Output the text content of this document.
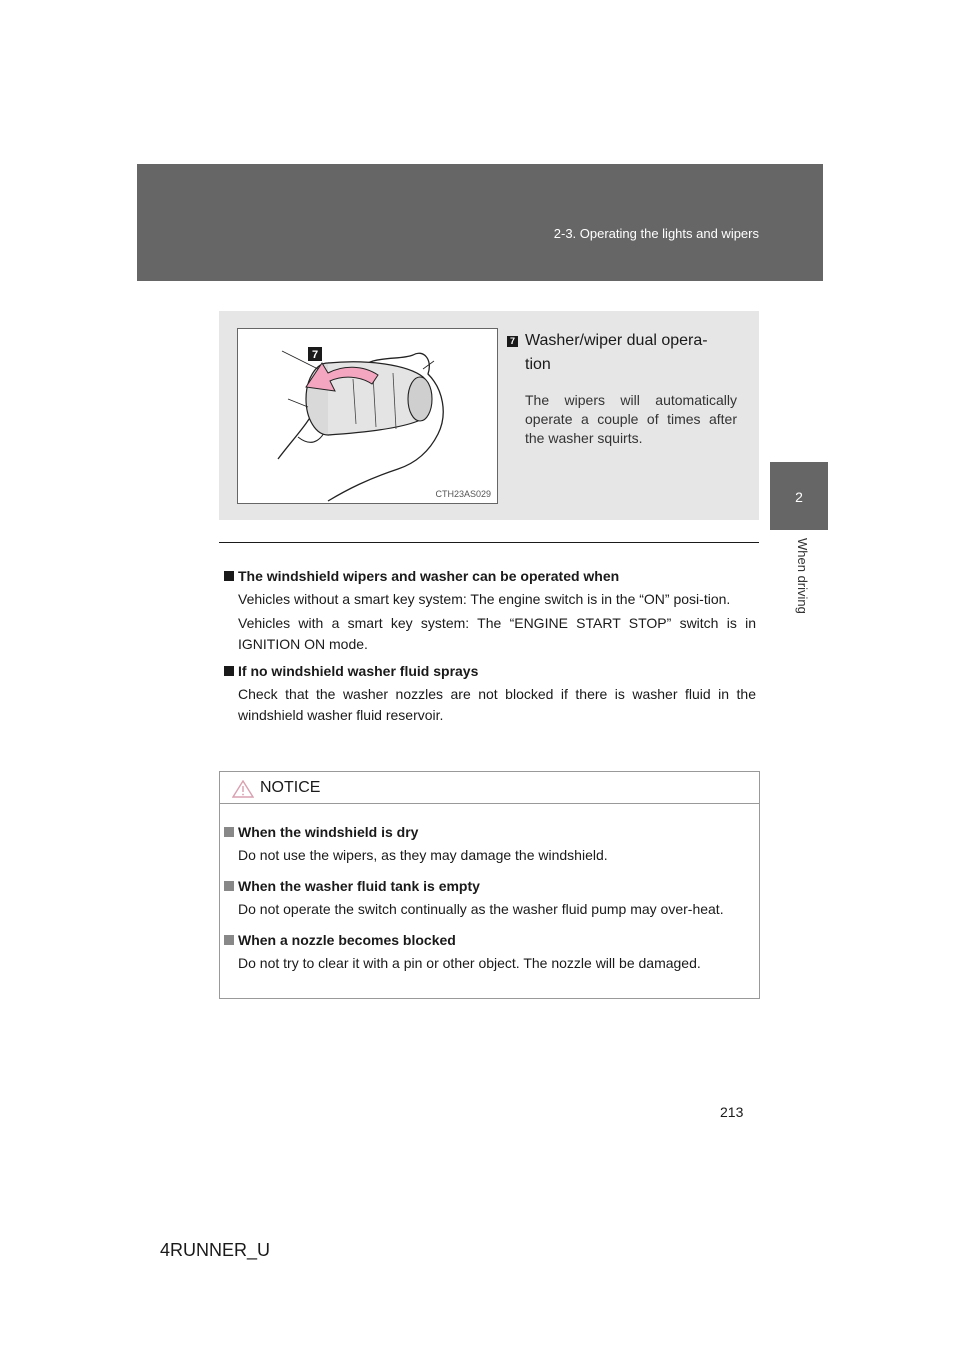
2-3. Operating the lights and wipers
2
When driving
7
CTH23AS029
7 Washer/wiper dual opera-
tion
The wipers will automatically operate a couple of times after the washer squirts.
The windshield wipers and washer can be operated when
Vehicles without a smart key system: The engine switch is in the “ON” posi-tion.
Vehicles with a smart key system: The “ENGINE START STOP” switch is in IGNITION ON mode.
If no windshield washer fluid sprays
Check that the washer nozzles are not blocked if there is washer fluid in the windshield washer fluid reservoir.
NOTICE
When the windshield is dry
Do not use the wipers, as they may damage the windshield.
When the washer fluid tank is empty
Do not operate the switch continually as the washer fluid pump may over-heat.
When a nozzle becomes blocked
Do not try to clear it with a pin or other object. The nozzle will be damaged.
213
4RUNNER_U
